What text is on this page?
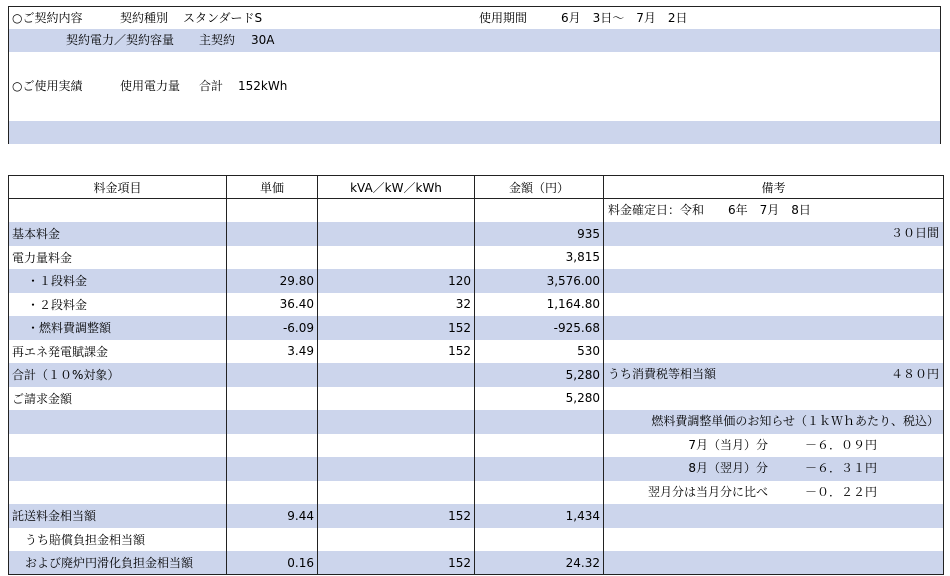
○ご契約内容	契約種別 スタンダードS	使用期間	6月　3日～　7月　2日
契約電力／契約容量 主契約 30A
○ご使用実績	使用電力量 合計 152kWh
料金項目	単価	kVA／kW／kWh	金額（円）	備考

				料金確定日：令和　　6年　7月　8日

基本料金			935	３０日間

電力量料金			3,815	
・１段料金	29.80	120	3,576.00	
・２段料金	36.40	32	1,164.80	
・燃料費調整額	-6.09	152	-925.68	
再エネ発電賦課金	3.49	152	530	
合計（１０%対象）			5,280	うち消費税等相当額 ４８０円

ご請求金額			5,280	

				燃料費調整単価のお知らせ（１ｋＷｈあたり、税込）

				7月（当月）分 －６．０９円

				8月（翌月）分 －６．３１円

				翌月分は当月分に比べ －０．２２円

託送料金相当額	9.44	152	1,434	
うち賠償負担金相当額				
および廃炉円滑化負担金相当額	0.16	152	24.32	
